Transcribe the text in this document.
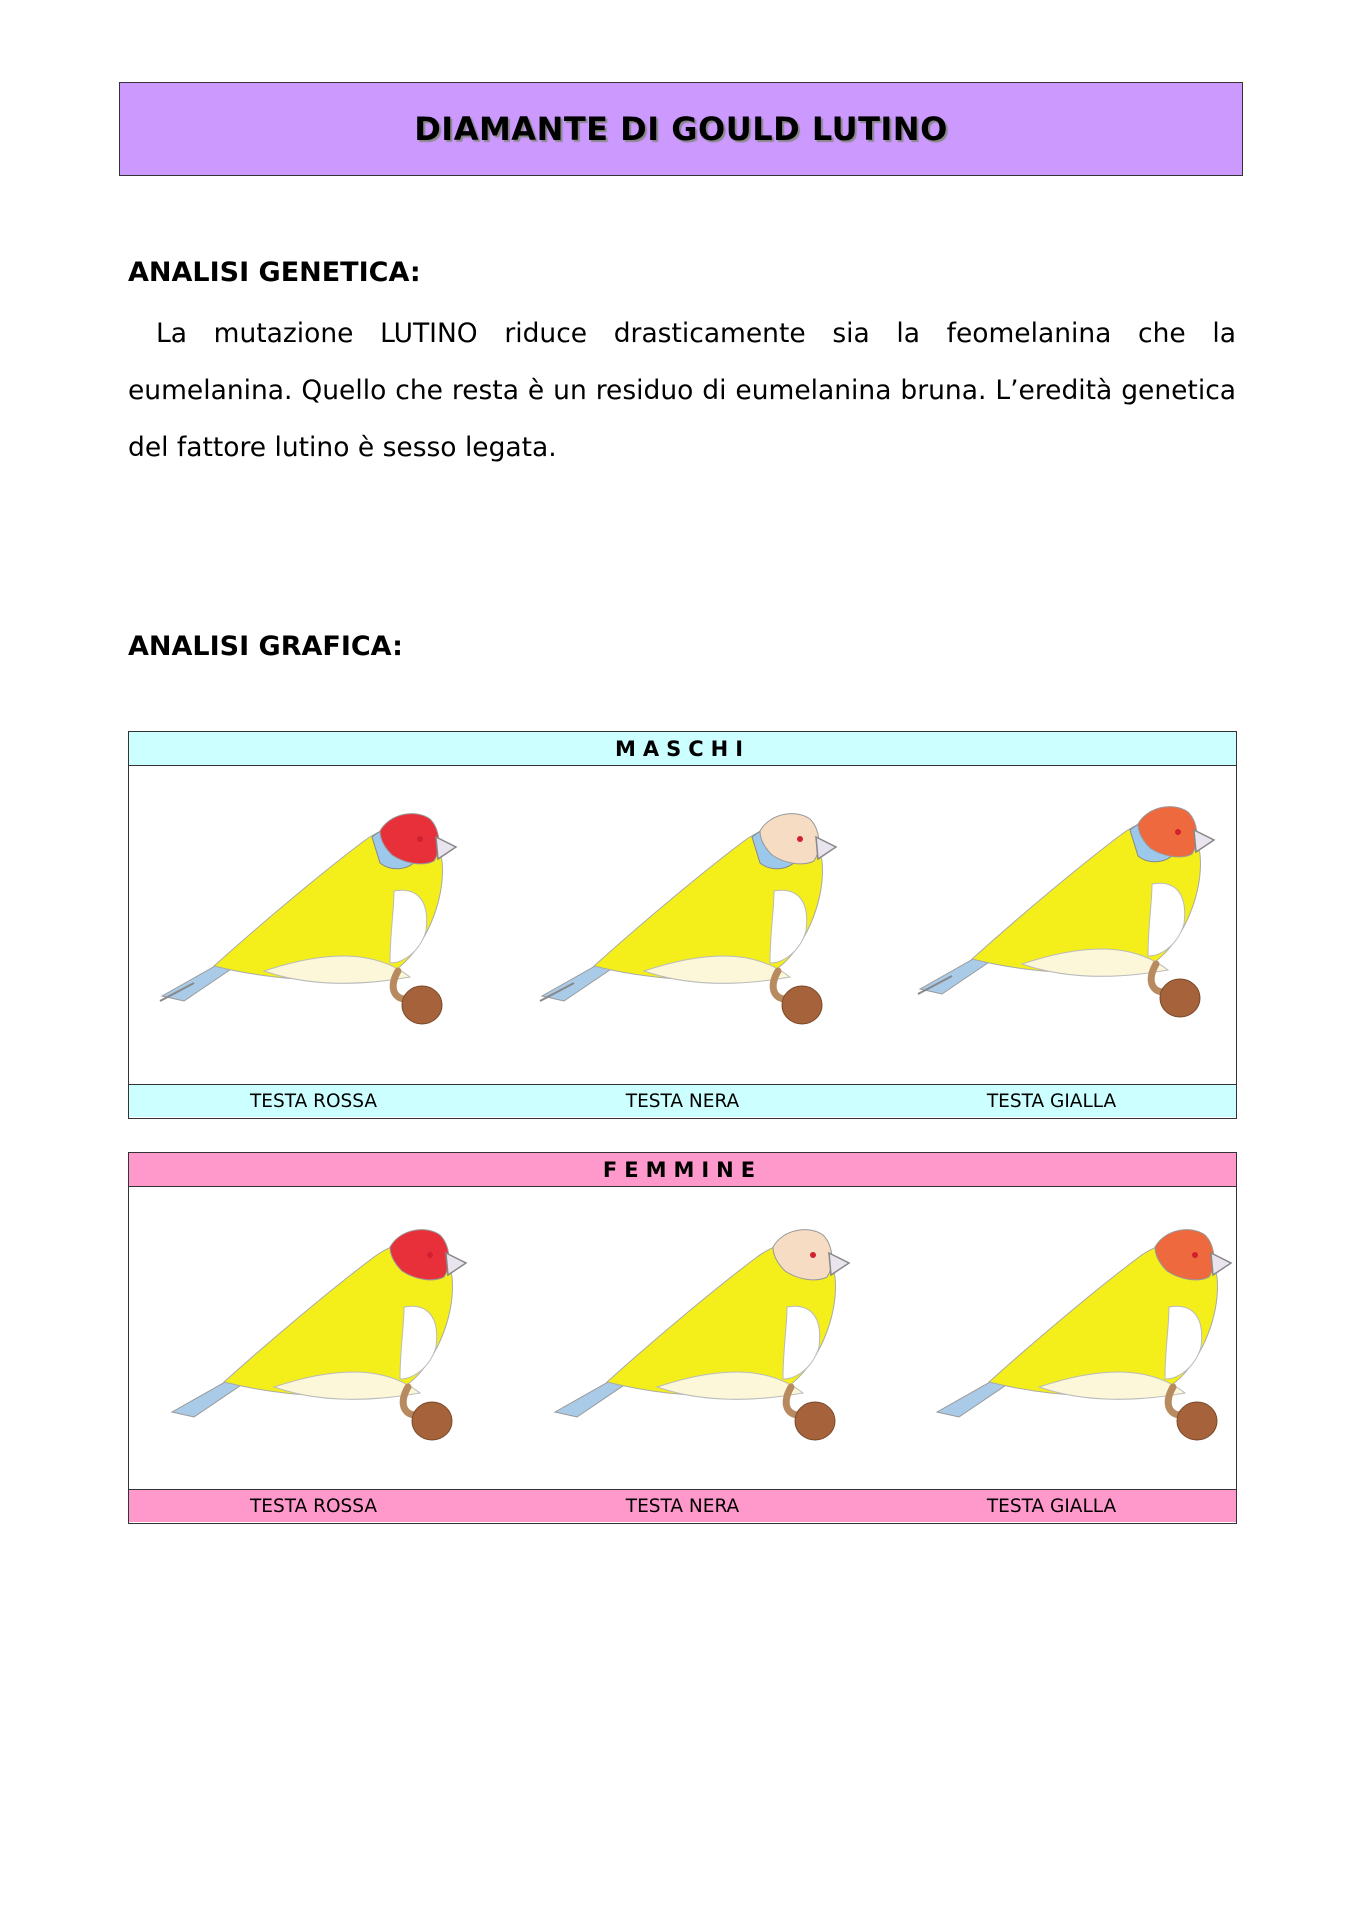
DIAMANTE DI GOULD LUTINO
ANALISI GENETICA:

La mutazione LUTINO riduce drasticamente sia la feomelanina che la eumelanina. Quello che resta è un residuo di eumelanina bruna. L’eredità genetica del fattore lutino è sesso legata.

ANALISI GRAFICA:
MASCHI
TESTA ROSSA	TESTA NERA	TESTA GIALLA
FEMMINE
TESTA ROSSA	TESTA NERA	TESTA GIALLA
